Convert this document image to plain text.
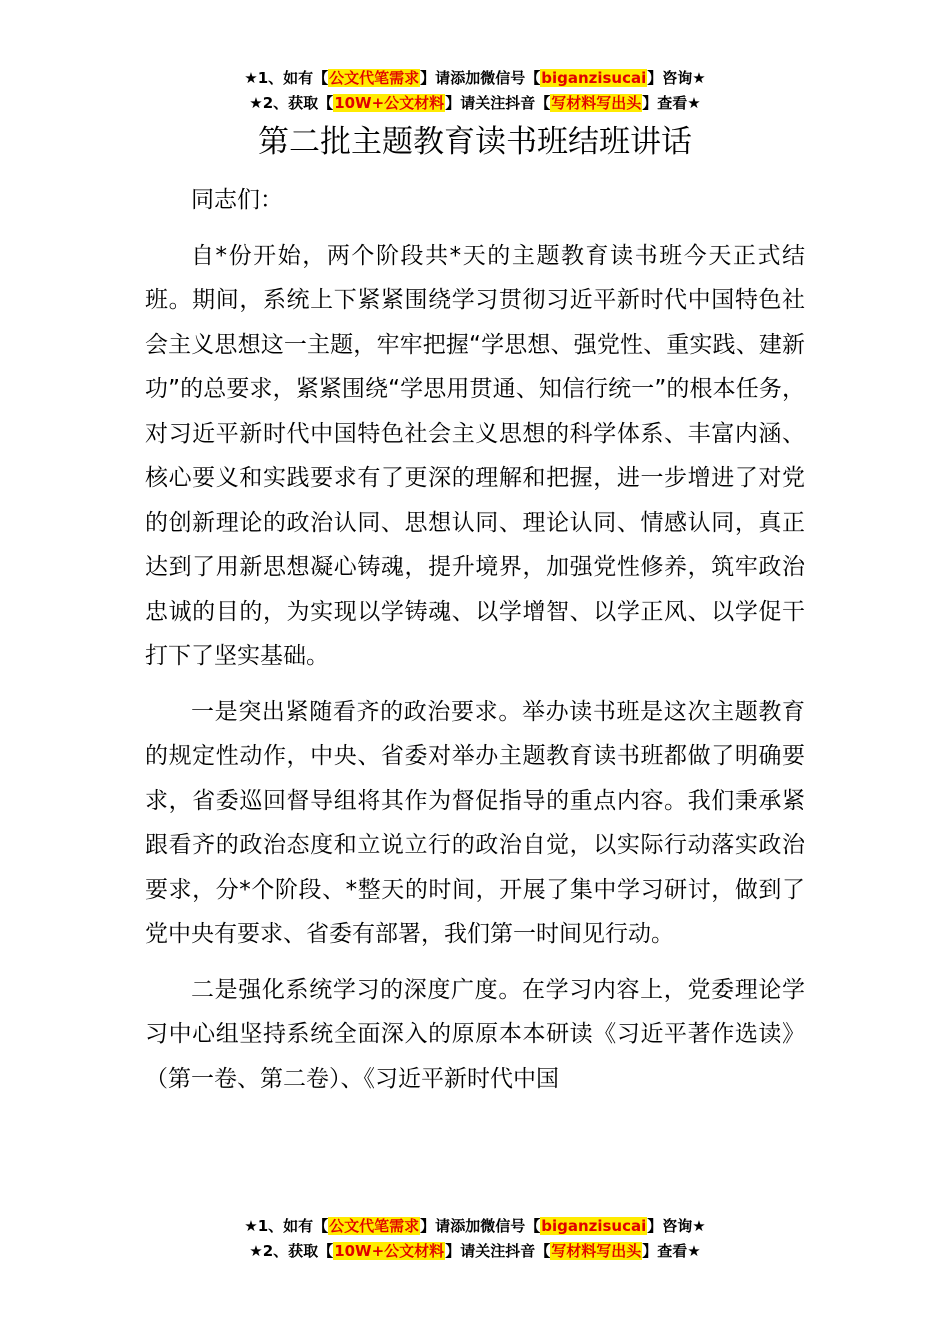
★1、如有【公文代笔需求】请添加微信号【biganzisucai】咨询★
★2、获取【10W+公文材料】请关注抖音【写材料写出头】查看★
第二批主题教育读书班结班讲话

同志们：

自*份开始，两个阶段共*天的主题教育读书班今天正式结班。期间，系统上下紧紧围绕学习贯彻习近平新时代中国特色社会主义思想这一主题，牢牢把握“学思想、强党性、重实践、建新功”的总要求，紧紧围绕“学思用贯通、知信行统一”的根本任务，对习近平新时代中国特色社会主义思想的科学体系、丰富内涵、核心要义和实践要求有了更深的理解和把握，进一步增进了对党的创新理论的政治认同、思想认同、理论认同、情感认同，真正达到了用新思想凝心铸魂，提升境界，加强党性修养，筑牢政治忠诚的目的，为实现以学铸魂、以学增智、以学正风、以学促干打下了坚实基础。

一是突出紧随看齐的政治要求。举办读书班是这次主题教育的规定性动作，中央、省委对举办主题教育读书班都做了明确要求，省委巡回督导组将其作为督促指导的重点内容。我们秉承紧跟看齐的政治态度和立说立行的政治自觉，以实际行动落实政治要求，分*个阶段、*整天的时间，开展了集中学习研讨，做到了党中央有要求、省委有部署，我们第一时间见行动。

二是强化系统学习的深度广度。在学习内容上，党委理论学习中心组坚持系统全面深入的原原本本研读《习近平著作选读》（第一卷、第二卷）、《习近平新时代中国

★1、如有【公文代笔需求】请添加微信号【biganzisucai】咨询★
★2、获取【10W+公文材料】请关注抖音【写材料写出头】查看★
